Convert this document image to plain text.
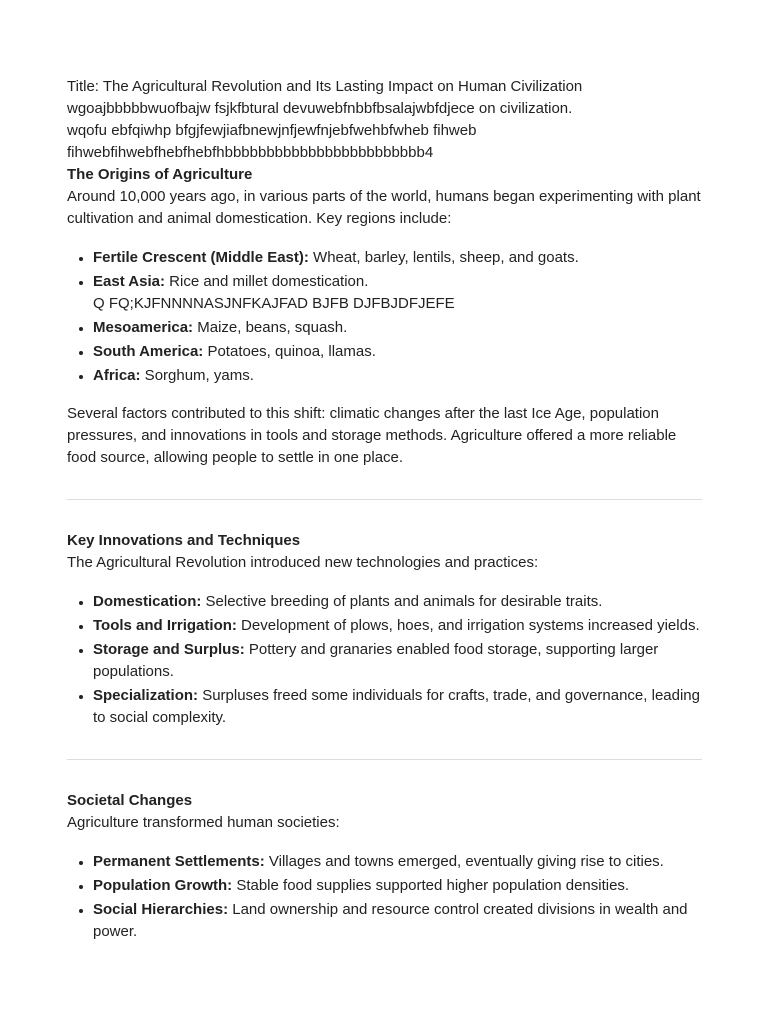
Title: The Agricultural Revolution and Its Lasting Impact on Human Civilization

wgoajbbbbbwuofbajw fsjkfbtural devuwebfnbbfbsalajwbfdjece on civilization.

wqofu ebfqiwhp bfgjfewjiafbnewjnfjewfnjebfwehbfwheb fihweb

fihwebfihwebfhebfhebfhbbbbbbbbbbbbbbbbbbbbbbbb4

The Origins of Agriculture

Around 10,000 years ago, in various parts of the world, humans began experimenting with plant cultivation and animal domestication. Key regions include:

• Fertile Crescent (Middle East): Wheat, barley, lentils, sheep, and goats.
• East Asia: Rice and millet domestication.
Q FQ;KJFNNNNASJNFKAJFAD BJFB DJFBJDFJEFE
• Mesoamerica: Maize, beans, squash.
• South America: Potatoes, quinoa, llamas.
• Africa: Sorghum, yams.

Several factors contributed to this shift: climatic changes after the last Ice Age, population pressures, and innovations in tools and storage methods. Agriculture offered a more reliable food source, allowing people to settle in one place.

Key Innovations and Techniques

The Agricultural Revolution introduced new technologies and practices:

• Domestication: Selective breeding of plants and animals for desirable traits.
• Tools and Irrigation: Development of plows, hoes, and irrigation systems increased yields.
• Storage and Surplus: Pottery and granaries enabled food storage, supporting larger populations.
• Specialization: Surpluses freed some individuals for crafts, trade, and governance, leading to social complexity.

Societal Changes

Agriculture transformed human societies:

• Permanent Settlements: Villages and towns emerged, eventually giving rise to cities.
• Population Growth: Stable food supplies supported higher population densities.
• Social Hierarchies: Land ownership and resource control created divisions in wealth and power.
